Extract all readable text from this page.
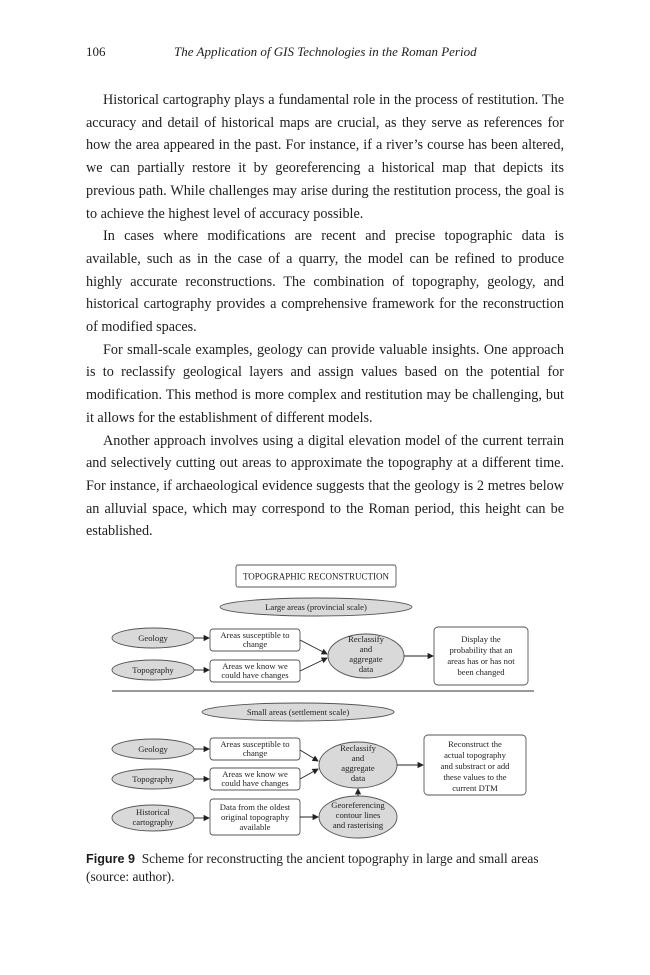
106	The Application of GIS Technologies in the Roman Period

Historical cartography plays a fundamental role in the process of restitution. The accuracy and detail of historical maps are crucial, as they serve as references for how the area appeared in the past. For instance, if a river’s course has been altered, we can partially restore it by georeferencing a historical map that depicts its previous path. While challenges may arise during the restitution process, the goal is to achieve the highest level of accuracy possible.

In cases where modifications are recent and precise topographic data is available, such as in the case of a quarry, the model can be refined to produce highly accurate reconstructions. The combination of topography, geology, and historical cartography provides a comprehensive framework for the reconstruction of modified spaces.

For small-scale examples, geology can provide valuable insights. One approach is to reclassify geological layers and assign values based on the potential for modification. This method is more complex and restitution may be challenging, but it allows for the establishment of different models.

Another approach involves using a digital elevation model of the current terrain and selectively cutting out areas to approximate the topography at a different time. For instance, if archaeological evidence suggests that the geology is 2 metres below an alluvial space, which may correspond to the Roman period, this height can be established.

TOPOGRAPHIC RECONSTRUCTION
Large areas (provincial scale)
Geology
Topography
Areas susceptible to
change
Areas we know we
could have changes
Reclassify
and
aggregate
data
Display the
probability that an
areas has or has not
been changed
Small areas (settlement scale)
Geology
Topography
Historical
cartography
Areas susceptible to
change
Areas we know we
could have changes
Data from the oldest
original topography
available
Reclassify
and
aggregate
data
Georeferencing
contour lines
and rasterising
Reconstruct the
actual topography
and substract or add
these values to the
current DTM
Figure 9 Scheme for reconstructing the ancient topography in large and small areas (source: author).
